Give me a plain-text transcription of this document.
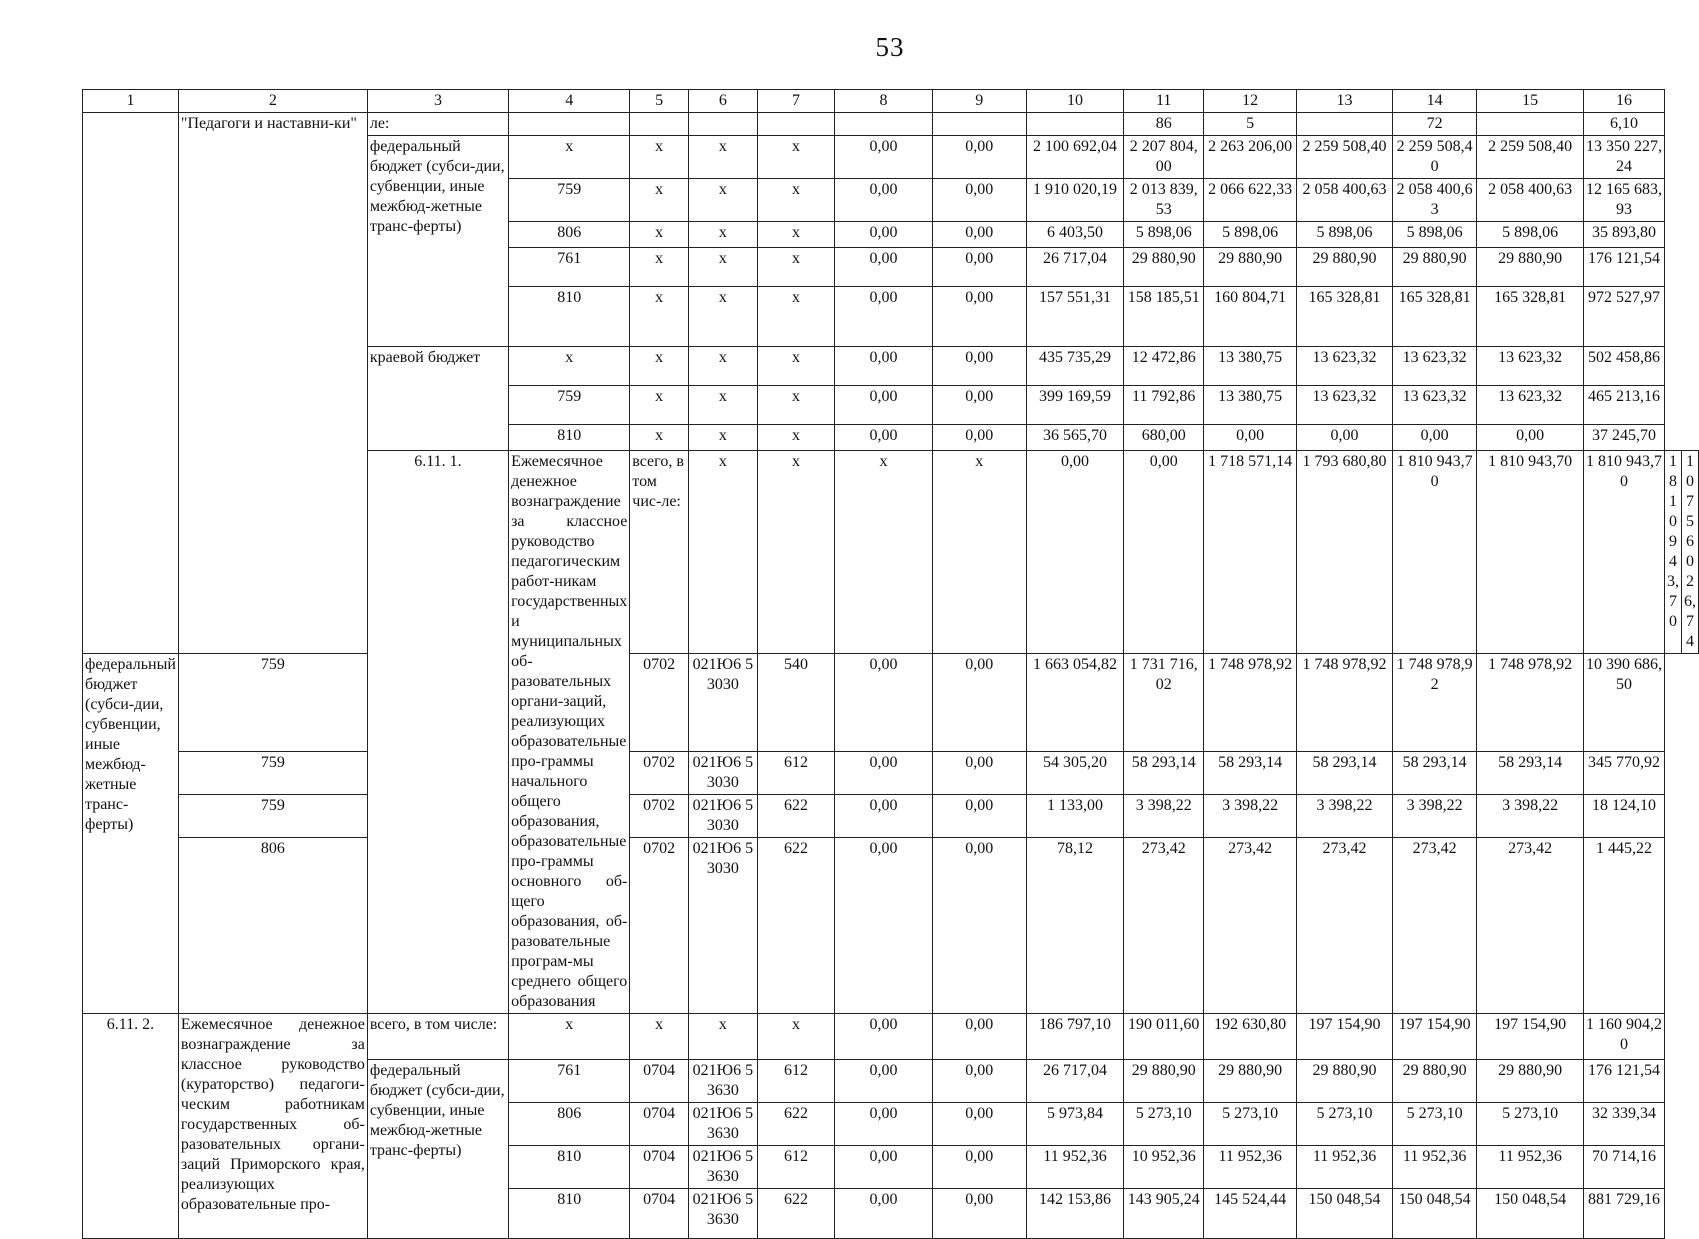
53
1	2	3	4	5	6	7	8	9	10	11	12	13	14	15	16		
	"Педагоги и наставни-ки"	ле:								86	5		72		6,10		
		федеральный бюджет (субси-дии, субвенции, иные межбюд-жетные транс-ферты)	x	x	x	x	0,00	0,00	2 100 692,04	2 207 804,00	2 263 206,00	2 259 508,40	2 259 508,40	2 259 508,40	13 350 227,24		
			759	x	x	x	0,00	0,00	1 910 020,19	2 013 839,53	2 066 622,33	2 058 400,63	2 058 400,63	2 058 400,63	12 165 683,93		
			806	x	x	x	0,00	0,00	6 403,50	5 898,06	5 898,06	5 898,06	5 898,06	5 898,06	35 893,80		
			761	x	x	x	0,00	0,00	26 717,04	29 880,90	29 880,90	29 880,90	29 880,90	29 880,90	176 121,54		
			810	x	x	x	0,00	0,00	157 551,31	158 185,51	160 804,71	165 328,81	165 328,81	165 328,81	972 527,97		
		краевой бюджет	x	x	x	x	0,00	0,00	435 735,29	12 472,86	13 380,75	13 623,32	13 623,32	13 623,32	502 458,86		
			759	x	x	x	0,00	0,00	399 169,59	11 792,86	13 380,75	13 623,32	13 623,32	13 623,32	465 213,16		
			810	x	x	x	0,00	0,00	36 565,70	680,00	0,00	0,00	0,00	0,00	37 245,70		
		6.11. 1.	Ежемесячное денежное вознаграждение за классное руководство педагогическим работ-никам государственных и муниципальных об-разовательных органи-заций, реализующих образовательные про-граммы начального общего образования, образовательные про-граммы основного об-щего образования, об-разовательные програм-мы среднего общего образования	всего, в том чис-ле:	x	x	x	x	0,00	0,00	1 718 571,14	1 793 680,80	1 810 943,70	1 810 943,70	1 810 943,70	1 810 943,70	10 756 026,74
федеральный бюджет (субси-дии, субвенции, иные межбюд-жетные транс-ферты)	759			0702	021Ю6 53030	540	0,00	0,00	1 663 054,82	1 731 716,02	1 748 978,92	1 748 978,92	1 748 978,92	1 748 978,92	10 390 686,50		
	759			0702	021Ю6 53030	612	0,00	0,00	54 305,20	58 293,14	58 293,14	58 293,14	58 293,14	58 293,14	345 770,92		
	759			0702	021Ю6 53030	622	0,00	0,00	1 133,00	3 398,22	3 398,22	3 398,22	3 398,22	3 398,22	18 124,10		
	806			0702	021Ю6 53030	622	0,00	0,00	78,12	273,42	273,42	273,42	273,42	273,42	1 445,22		
6.11. 2.	Ежемесячное денежное вознаграждение за классное руководство (кураторство) педагоги-ческим работникам государственных об-разовательных органи-заций Приморского края, реализующих образовательные про-	всего, в том числе:	x	x	x	x	0,00	0,00	186 797,10	190 011,60	192 630,80	197 154,90	197 154,90	197 154,90	1 160 904,20		
		федеральный бюджет (субси-дии, субвенции, иные межбюд-жетные транс-ферты)	761	0704	021Ю6 53630	612	0,00	0,00	26 717,04	29 880,90	29 880,90	29 880,90	29 880,90	29 880,90	176 121,54		
			806	0704	021Ю6 53630	622	0,00	0,00	5 973,84	5 273,10	5 273,10	5 273,10	5 273,10	5 273,10	32 339,34		
			810	0704	021Ю6 53630	612	0,00	0,00	11 952,36	10 952,36	11 952,36	11 952,36	11 952,36	11 952,36	70 714,16		
			810	0704	021Ю6 53630	622	0,00	0,00	142 153,86	143 905,24	145 524,44	150 048,54	150 048,54	150 048,54	881 729,16		
